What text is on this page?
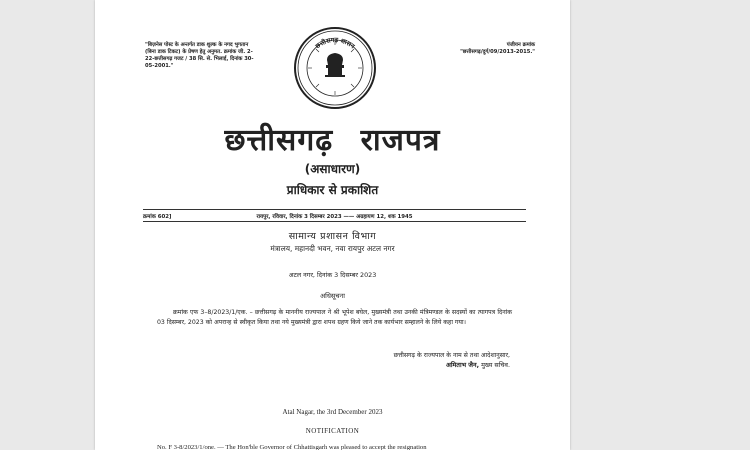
"बिज़नेस पोस्ट के अन्तर्गत डाक शुल्क के नगद भुगतान (बिना डाक टिकट) के प्रेषण हेतु अनुमत. क्रमांक जी. 2-22-छत्तीसगढ़ गजट / 38 सि. से. भिलाई, दिनांक 30-05-2001."
पंजीयन क्रमांक
"छत्तीसगढ़/दुर्ग/09/2013-2015."
छत्तीसगढ़ शासन
छत्तीसगढ़ राजपत्र
(असाधारण)
प्राधिकार से प्रकाशित
क्रमांक 602]	रायपुर, रविवार, दिनांक 3 दिसम्बर 2023 —— अग्रहायण 12, शक 1945
सामान्य प्रशासन विभाग
मंत्रालय, महानदी भवन, नवा रायपुर अटल नगर
अटल नगर, दिनांक 3 दिसम्बर 2023
अधिसूचना
क्रमांक एफ 3–8/2023/1/एक. – छत्तीसगढ़ के माननीय राज्यपाल ने श्री भूपेश बघेल, मुख्यमंत्री तथा उनकी मंत्रिमण्डल के सदस्यों का त्यागपत्र दिनांक 03 दिसम्बर, 2023 को अपरान्ह से स्वीकृत किया तथा नये मुख्यमंत्री द्वारा शपथ ग्रहण किये जाने तक कार्यभार सम्हालने के लिये कहा गया।
छत्तीसगढ़ के राज्यपाल के नाम से तथा आदेशानुसार,
अमिताभ जैन, मुख्य सचिव.
Atal Nagar, the 3rd December 2023
NOTIFICATION
No. F 3-8/2023/1/one. — The Hon'ble Governor of Chhattisgarh was pleased to accept the resignation
